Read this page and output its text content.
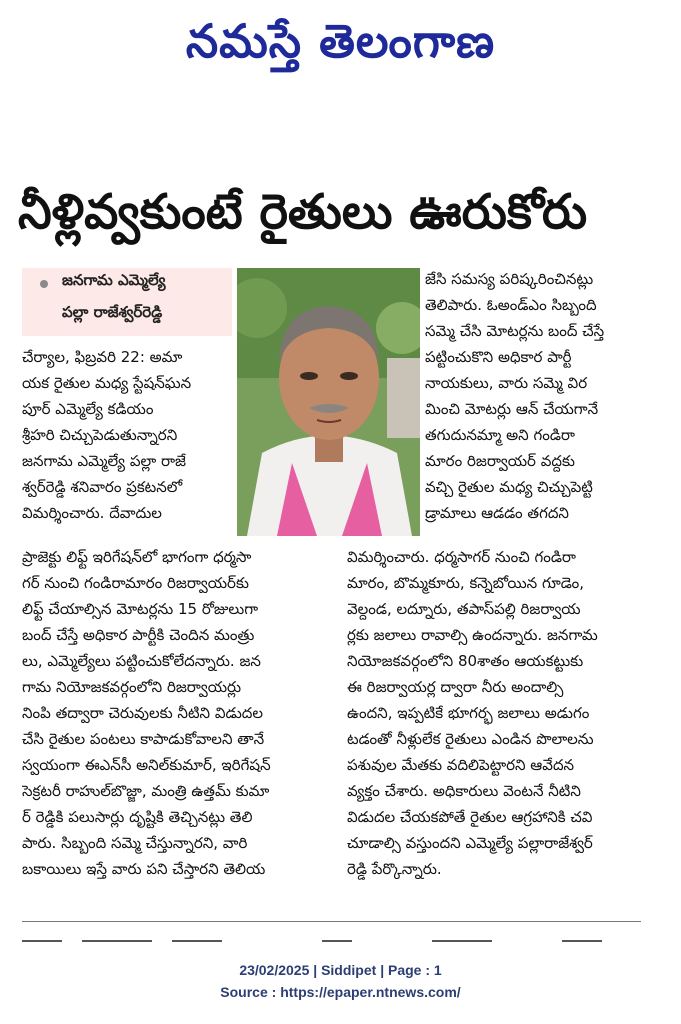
నమస్తే తెలంగాణ
నీళ్లివ్వకుంటే రైతులు ఊరుకోరు
జనగామ ఎమ్మెల్యే
పల్లా రాజేశ్వర్‌రెడ్డి
చేర్యాల, ఫిబ్రవరి 22: అమా
యక రైతుల మధ్య స్టేషన్‌ఘన
పూర్ ఎమ్మెల్యే కడియం
శ్రీహరి చిచ్చుపెడుతున్నారని
జనగామ ఎమ్మెల్యే పల్లా రాజే
శ్వర్‌రెడ్డి శనివారం ప్రకటనలో
విమర్శించారు. దేవాదుల
జేసి సమస్య పరిష్కరించినట్లు
తెలిపారు. ఓఅండ్‌ఎం సిబ్బంది
సమ్మె చేసి మోటర్లను బంద్ చేస్తే
పట్టించుకొని అధికార పార్టీ
నాయకులు, వారు సమ్మె విర
మించి మోటర్లు ఆన్ చేయగానే
తగుదునమ్మా అని గండిరా
మారం రిజర్వాయర్ వద్దకు
వచ్చి రైతుల మధ్య చిచ్చుపెట్టి
డ్రామాలు ఆడడం తగదని
ప్రాజెక్టు లిఫ్ట్ ఇరిగేషన్‌లో భాగంగా ధర్మసా
గర్ నుంచి గండిరామారం రిజర్వాయర్‌కు
లిఫ్ట్ చేయాల్సిన మోటర్లను 15 రోజులుగా
బంద్ చేస్తే అధికార పార్టీకి చెందిన మంత్రు
లు, ఎమ్మెల్యేలు పట్టించుకోలేదన్నారు. జన
గామ నియోజకవర్గంలోని రిజర్వాయర్లు
నింపి తద్వారా చెరువులకు నీటిని విడుదల
చేసి రైతుల పంటలు కాపాడుకోవాలని తానే
స్వయంగా ఈఎన్‌సీ అనిల్‌కుమార్, ఇరిగేషన్
సెక్రటరీ రాహుల్‌బొజ్జా, మంత్రి ఉత్తమ్ కుమా
ర్ రెడ్డికి పలుసార్లు దృష్టికి తెచ్చినట్లు తెలి
పారు. సిబ్బంది సమ్మె చేస్తున్నారని, వారి
బకాయిలు ఇస్తే వారు పని చేస్తారని తెలియ
విమర్శించారు. ధర్మసాగర్ నుంచి గండిరా
మారం, బొమ్మకూరు, కన్నెబోయిన గూడెం,
వెల్దండ, లద్నూరు, తపాస్‌పల్లి రిజర్వాయ
ర్లకు జలాలు రావాల్సి ఉందన్నారు. జనగామ
నియోజకవర్గంలోని 80శాతం ఆయకట్టుకు
ఈ రిజర్వాయర్ల ద్వారా నీరు అందాల్సి
ఉందని, ఇప్పటికే భూగర్భ జలాలు అడుగం
టడంతో నీళ్లులేక రైతులు ఎండిన పొలాలను
పశువుల మేతకు వదిలిపెట్టారని ఆవేదన
వ్యక్తం చేశారు. అధికారులు వెంటనే నీటిని
విడుదల చేయకపోతే రైతుల ఆగ్రహానికి చవి
చూడాల్సి వస్తుందని ఎమ్మెల్యే పల్లారాజేశ్వర్
రెడ్డి పేర్కొన్నారు.
23/02/2025 | Siddipet | Page : 1
Source : https://epaper.ntnews.com/
